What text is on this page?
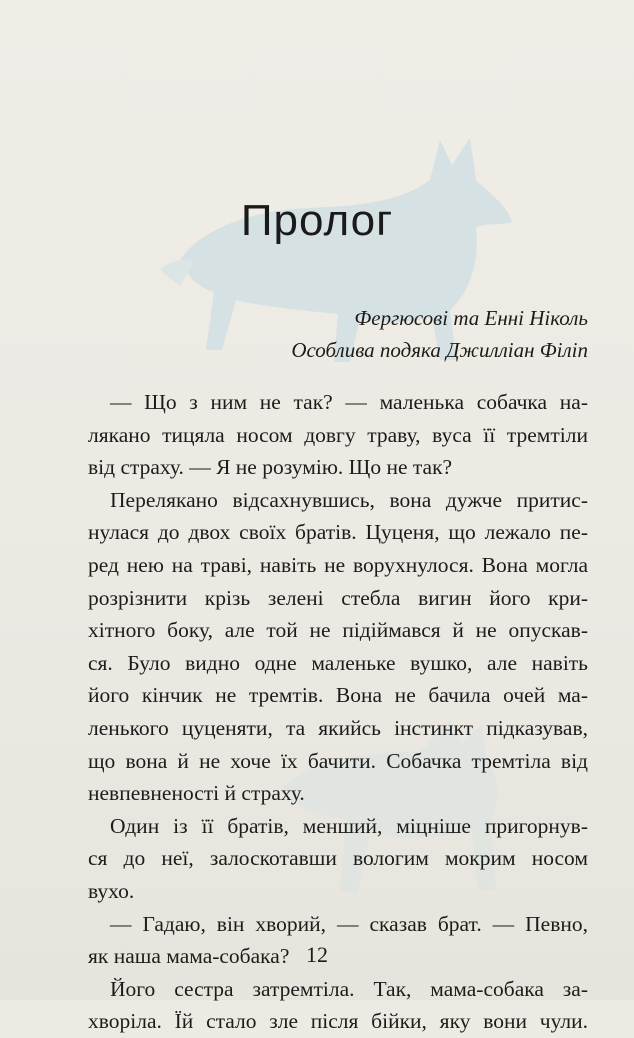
Пролог
Фергюсові та Енні Ніколь
Особлива подяка Джилліан Філіп
— Що з ним не так? — маленька собачка на-
лякано тицяла носом довгу траву, вуса її тремтіли
від страху. — Я не розумію. Що не так?
Перелякано відсахнувшись, вона дужче притис-
нулася до двох своїх братів. Цуценя, що лежало пе-
ред нею на траві, навіть не ворухнулося. Вона могла
розрізнити крізь зелені стебла вигин його кри-
хітного боку, але той не підіймався й не опускав-
ся. Було видно одне маленьке вушко, але навіть
його кінчик не тремтів. Вона не бачила очей ма-
ленького цуценяти, та якийсь інстинкт підказував,
що вона й не хоче їх бачити. Собачка тремтіла від
невпевненості й страху.
Один із її братів, менший, міцніше пригорнув-
ся до неї, залоскотавши вологим мокрим носом
вухо.
— Гадаю, він хворий, — сказав брат. — Певно,
як наша мама-собака?
Його сестра затремтіла. Так, мама-собака за-
хворіла. Їй стало зле після бійки, яку вони чули.
12
